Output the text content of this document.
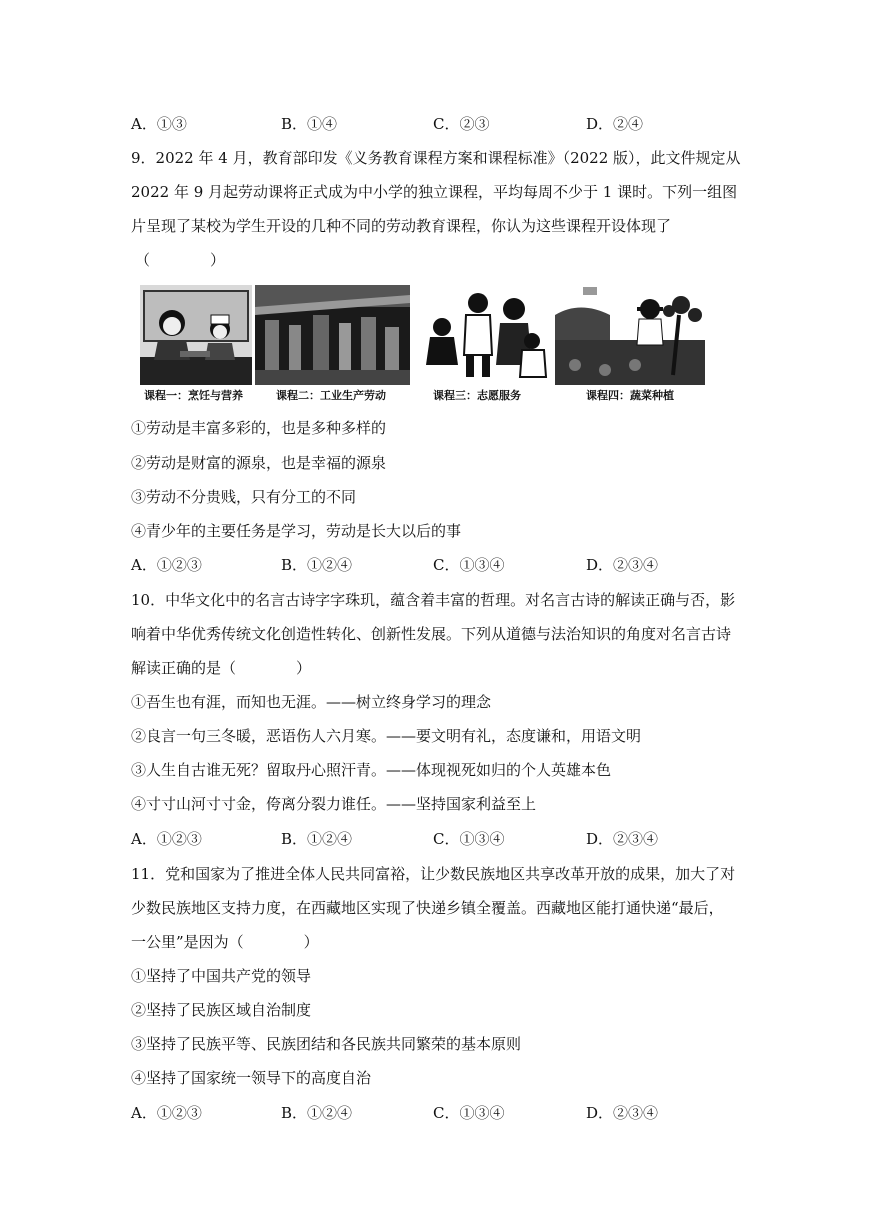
A．①③	B．①④	C．②③	D．②④
9．2022 年 4 月，教育部印发《义务教育课程方案和课程标准》（2022 版），此文件规定从
2022 年 9 月起劳动课将正式成为中小学的独立课程，平均每周不少于 1 课时。下列一组图
片呈现了某校为学生开设的几种不同的劳动教育课程，你认为这些课程开设体现了
（　　　　）
课程一：烹饪与营养	课程二：工业生产劳动	课程三：志愿服务	课程四：蔬菜种植
①劳动是丰富多彩的，也是多种多样的
②劳动是财富的源泉，也是幸福的源泉
③劳动不分贵贱，只有分工的不同
④青少年的主要任务是学习，劳动是长大以后的事
A．①②③	B．①②④	C．①③④	D．②③④
10．中华文化中的名言古诗字字珠玑，蕴含着丰富的哲理。对名言古诗的解读正确与否，影
响着中华优秀传统文化创造性转化、创新性发展。下列从道德与法治知识的角度对名言古诗
解读正确的是（　　　　）
①吾生也有涯，而知也无涯。——树立终身学习的理念
②良言一句三冬暖，恶语伤人六月寒。——要文明有礼，态度谦和，用语文明
③人生自古谁无死？留取丹心照汗青。——体现视死如归的个人英雄本色
④寸寸山河寸寸金，侉离分裂力谁任。——坚持国家利益至上
A．①②③	B．①②④	C．①③④	D．②③④
11．党和国家为了推进全体人民共同富裕，让少数民族地区共享改革开放的成果，加大了对
少数民族地区支持力度，在西藏地区实现了快递乡镇全覆盖。西藏地区能打通快递“最后，
一公里”是因为（　　　　）
①坚持了中国共产党的领导
②坚持了民族区域自治制度
③坚持了民族平等、民族团结和各民族共同繁荣的基本原则
④坚持了国家统一领导下的高度自治
A．①②③	B．①②④	C．①③④	D．②③④
